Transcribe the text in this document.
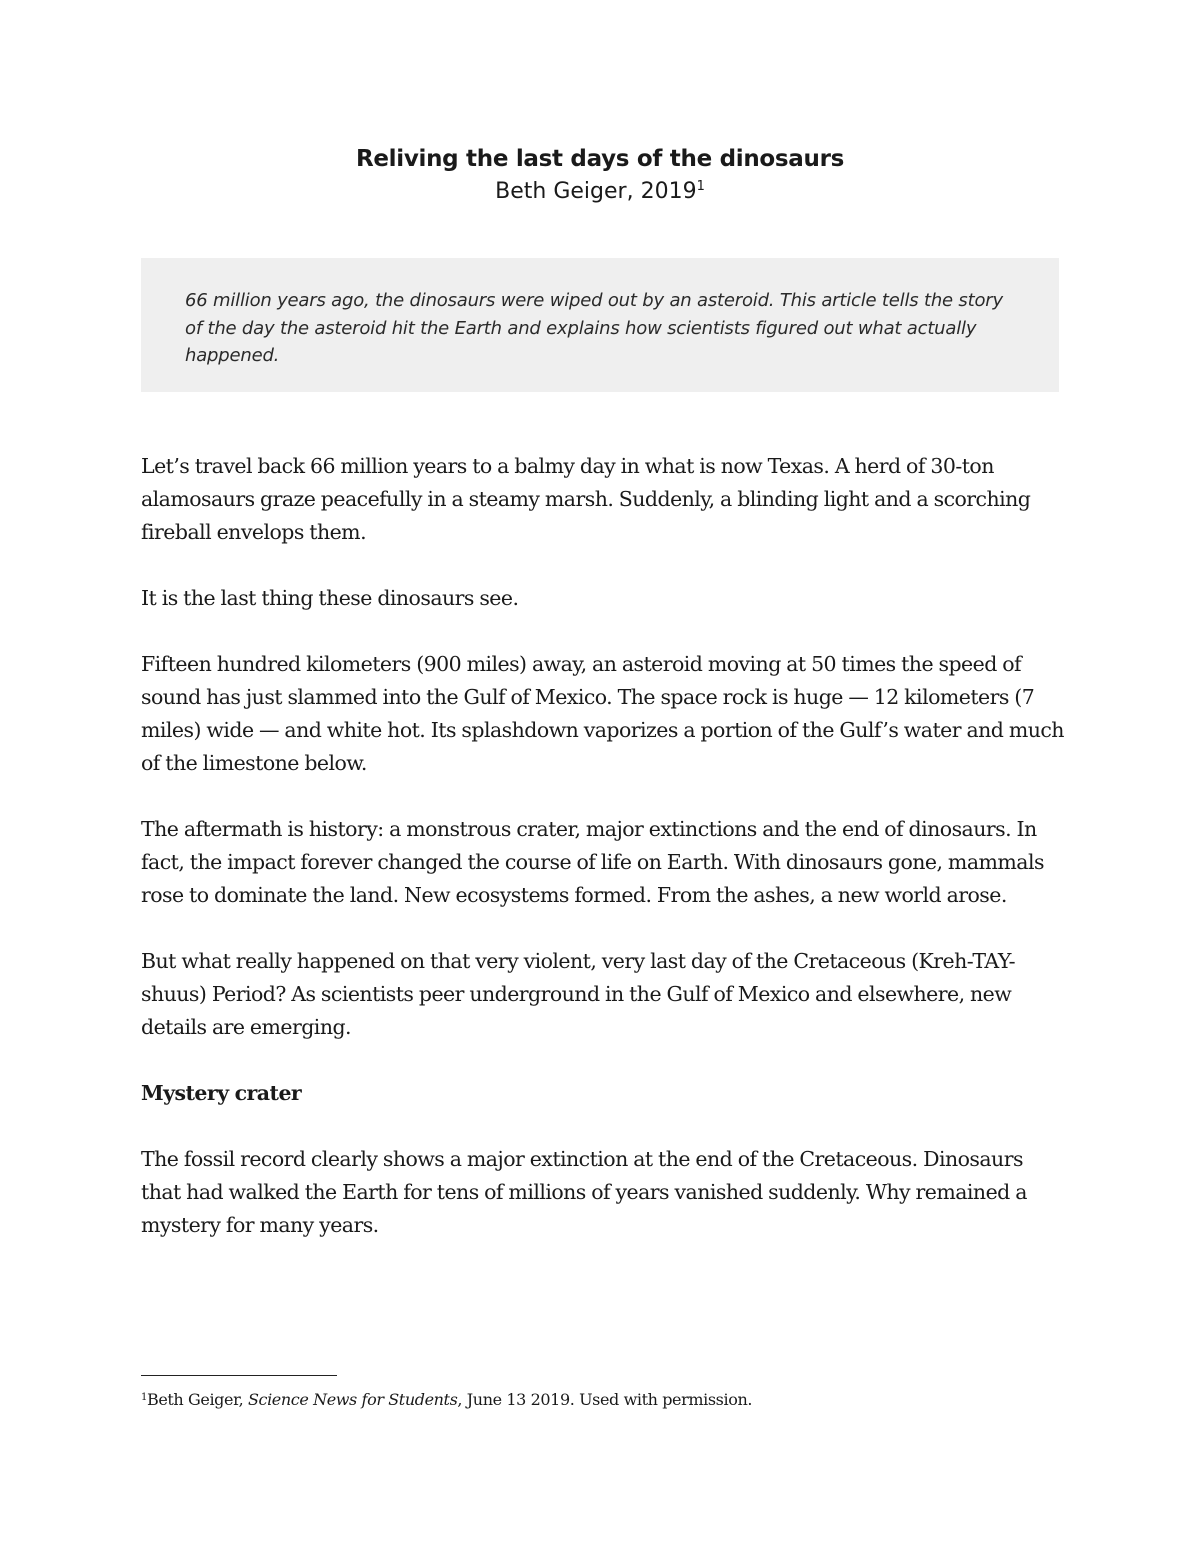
Reliving the last days of the dinosaurs
Beth Geiger, 2019$^1$
66 million years ago, the dinosaurs were wiped out by an asteroid. This article tells the story of the day the asteroid hit the Earth and explains how scientists figured out what actually happened.

Let’s travel back 66 million years to a balmy day in what is now Texas. A herd of 30-ton alamosaurs graze peacefully in a steamy marsh. Suddenly, a blinding light and a scorching fireball envelops them.

It is the last thing these dinosaurs see.

Fifteen hundred kilometers (900 miles) away, an asteroid moving at 50 times the speed of sound has just slammed into the Gulf of Mexico. The space rock is huge — 12 kilometers (7 miles) wide — and white hot. Its splashdown vaporizes a portion of the Gulf’s water and much of the limestone below.

The aftermath is history: a monstrous crater, major extinctions and the end of dinosaurs. In fact, the impact forever changed the course of life on Earth. With dinosaurs gone, mammals rose to dominate the land. New ecosystems formed. From the ashes, a new world arose.

But what really happened on that very violent, very last day of the Cretaceous (Kreh-TAY-shuus) Period? As scientists peer underground in the Gulf of Mexico and elsewhere, new details are emerging.

Mystery crater

The fossil record clearly shows a major extinction at the end of the Cretaceous. Dinosaurs that had walked the Earth for tens of millions of years vanished suddenly. Why remained a mystery for many years.

$^1$Beth Geiger, Science News for Students, June 13 2019. Used with permission.
